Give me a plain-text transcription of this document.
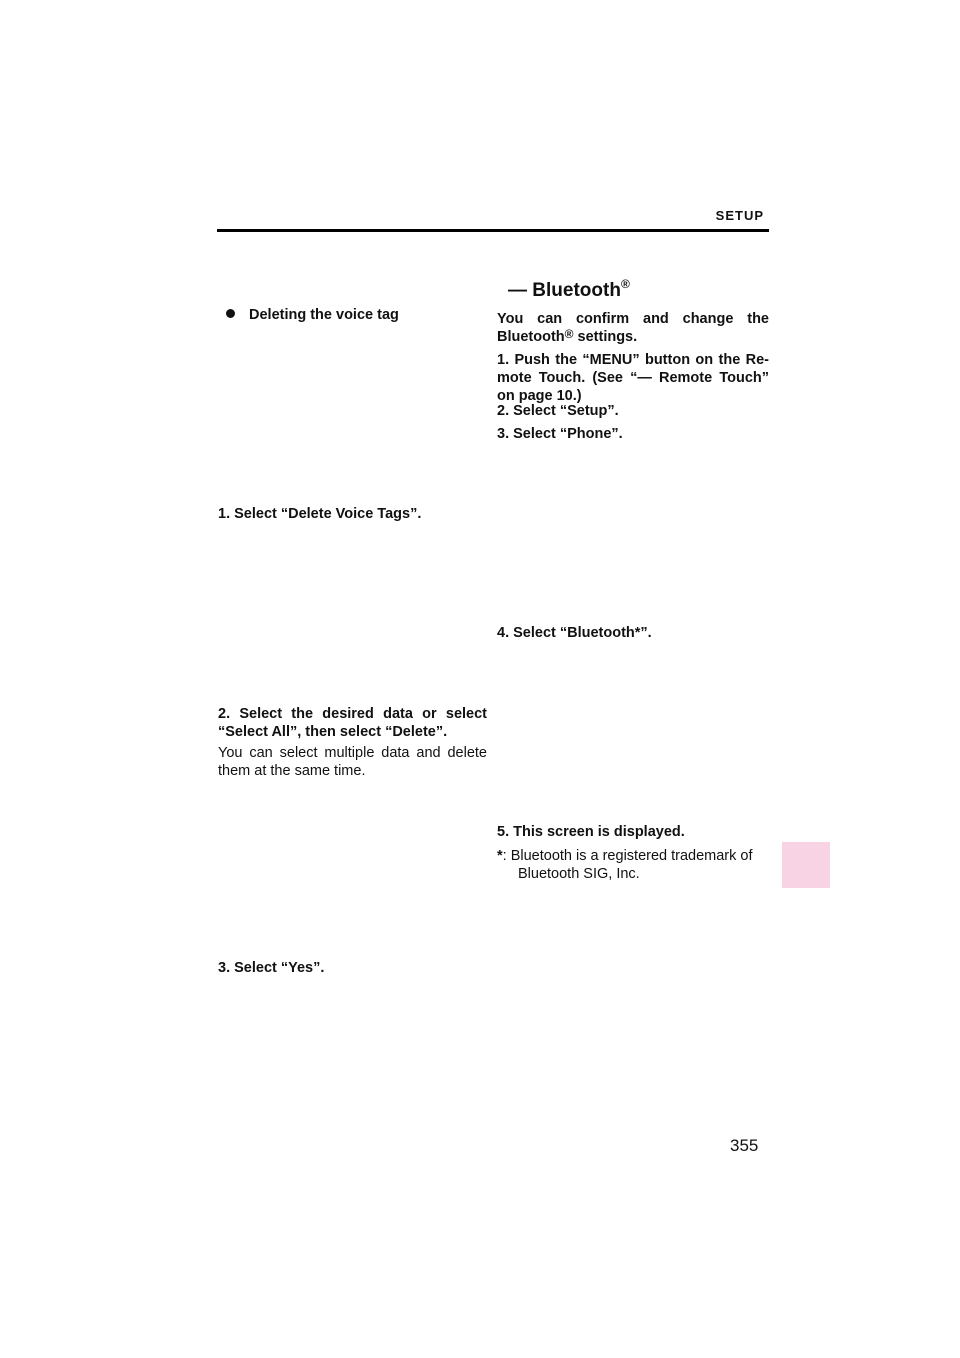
SETUP
Deleting the voice tag
1. Select “Delete Voice Tags”.
2. Select the desired data or select “Select All”, then select “Delete”.
You can select multiple data and delete them at the same time.
3. Select “Yes”.
— Bluetooth®
You can confirm and change the Bluetooth® settings.
1. Push the “MENU” button on the Re- mote Touch. (See “— Remote Touch” on page 10.)
2. Select “Setup”.
3. Select “Phone”.
4. Select “Bluetooth*”.
5. This screen is displayed.
*: Bluetooth is a registered trademark of
Bluetooth SIG, Inc.
355
